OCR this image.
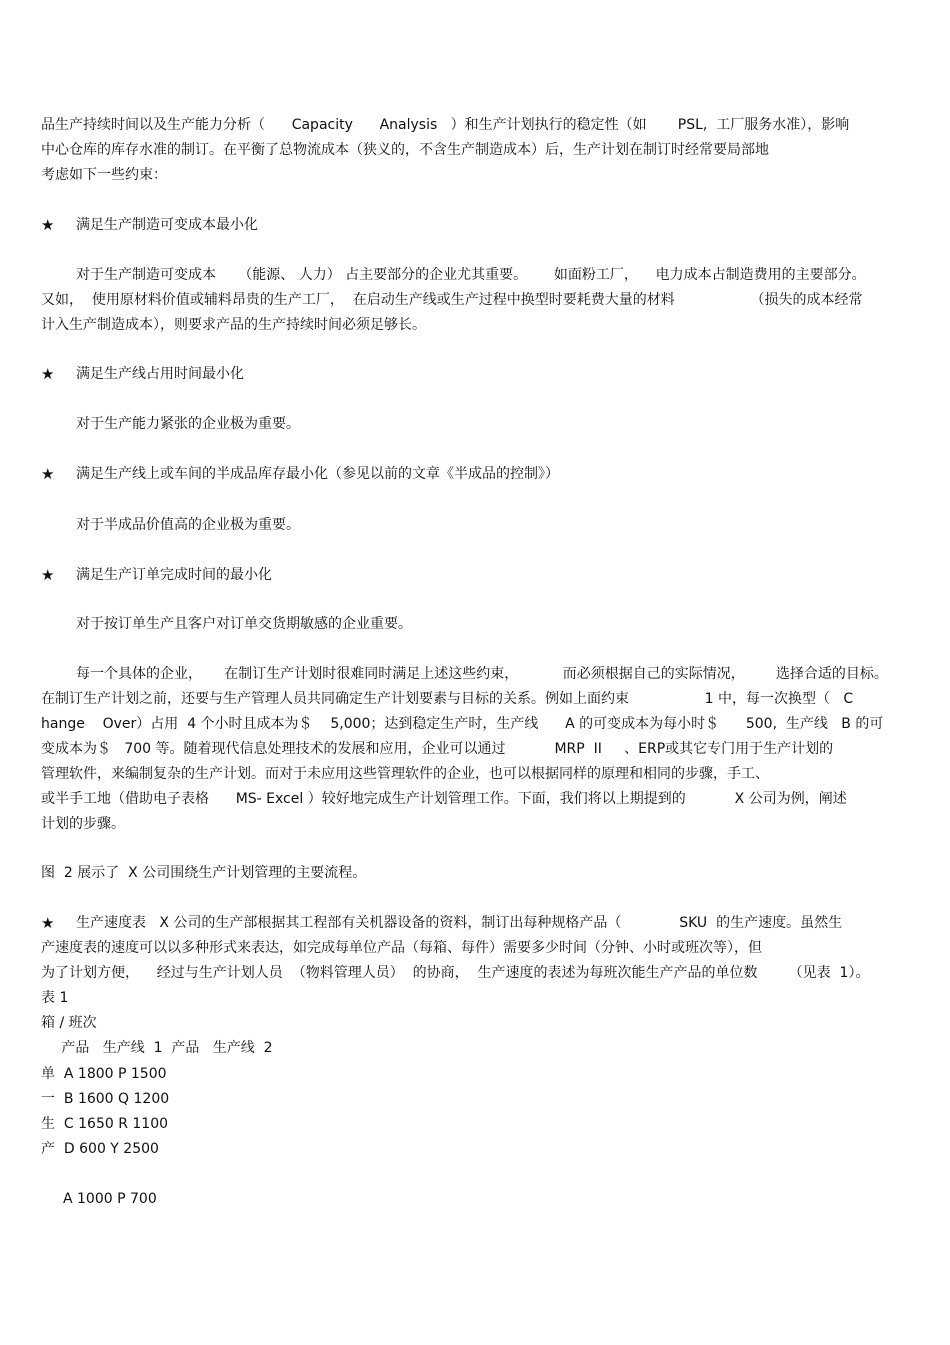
品生产持续时间以及生产能力分析（      Capacity      Analysis   ）和生产计划执行的稳定性（如       PSL,  工厂服务水准），影响
中心仓库的库存水准的制订。在平衡了总物流成本（狭义的，不含生产制造成本）后，生产计划在制订时经常要局部地
考虑如下一些约束：
★ 满足生产制造可变成本最小化
对于生产制造可变成本     （能源、 人力） 占主要部分的企业尤其重要。      如面粉工厂，    电力成本占制造费用的主要部分。
又如，  使用原材料价值或辅料昂贵的生产工厂，  在启动生产线或生产过程中换型时要耗费大量的材料                 （损失的成本经常
计入生产制造成本），则要求产品的生产持续时间必须足够长。
★ 满足生产线占用时间最小化
对于生产能力紧张的企业极为重要。
★ 满足生产线上或车间的半成品库存最小化（参见以前的文章《半成品的控制》）
对于半成品价值高的企业极为重要。
★ 满足生产订单完成时间的最小化
对于按订单生产且客户对订单交货期敏感的企业重要。
每一个具体的企业，     在制订生产计划时很难同时满足上述这些约束，          而必须根据自己的实际情况，       选择合适的目标。
在制订生产计划之前，还要与生产管理人员共同确定生产计划要素与目标的关系。例如上面约束                 1 中，每一次换型（   C
hange    Over）占用  4 个小时且成本为＄    5,000；达到稳定生产时，生产线      A 的可变成本为每小时＄      500,  生产线   B 的可
变成本为＄   700 等。随着现代信息处理技术的发展和应用，企业可以通过           MRP  II     、ERP或其它专门用于生产计划的
管理软件，来编制复杂的生产计划。而对于未应用这些管理软件的企业，也可以根据同样的原理和相同的步骤，手工、
或半手工地（借助电子表格      MS- Excel ）较好地完成生产计划管理工作。下面，我们将以上期提到的           X 公司为例，阐述
计划的步骤。
图  2 展示了  X 公司围绕生产计划管理的主要流程。
★ 生产速度表   X 公司的生产部根据其工程部有关机器设备的资料，制订出每种规格产品（             SKU  的生产速度。虽然生
产速度表的速度可以以多种形式来表达，如完成每单位产品（每箱、每件）需要多少时间（分钟、小时或班次等），但
为了计划方便，    经过与生产计划人员  （物料管理人员）  的协商，  生产速度的表述为每班次能生产产品的单位数       （见表  1）。
表 1
箱 / 班次
产品   生产线  1  产品   生产线  2
单  A 1800 P 1500
一  B 1600 Q 1200
生  C 1650 R 1100
产  D 600 Y 2500
A 1000 P 700
